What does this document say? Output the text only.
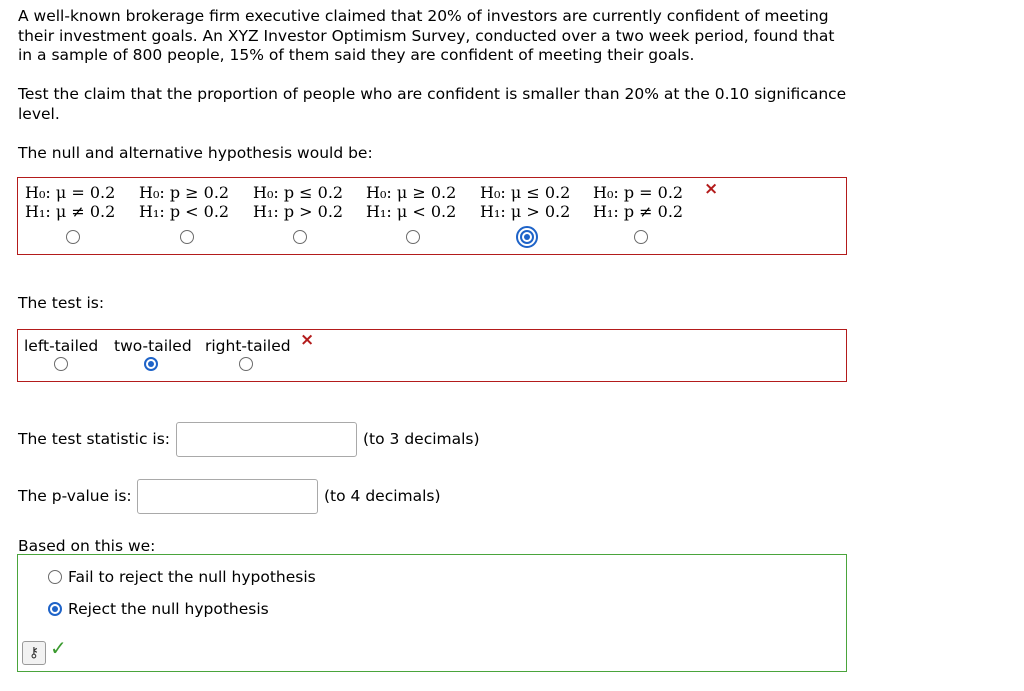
A well-known brokerage firm executive claimed that 20% of investors are currently confident of meeting their investment goals. An XYZ Investor Optimism Survey, conducted over a two week period, found that in a sample of 800 people, 15% of them said they are confident of meeting their goals.

Test the claim that the proportion of people who are confident is smaller than 20% at the 0.10 significance level.

The null and alternative hypothesis would be:

H₀: μ = 0.2
H₁: μ ≠ 0.2
H₀: p ≥ 0.2
H₁: p < 0.2
H₀: p ≤ 0.2
H₁: p > 0.2
H₀: μ ≥ 0.2
H₁: μ < 0.2
H₀: μ ≤ 0.2
H₁: μ > 0.2
H₀: p = 0.2
H₁: p ≠ 0.2
×
The test is:
left-tailed two-tailed right-tailed ×
The test statistic is:	(to 3 decimals)
The p-value is:	(to 4 decimals)
Based on this we:
Fail to reject the null hypothesis
Reject the null hypothesis
⚷ ✓
